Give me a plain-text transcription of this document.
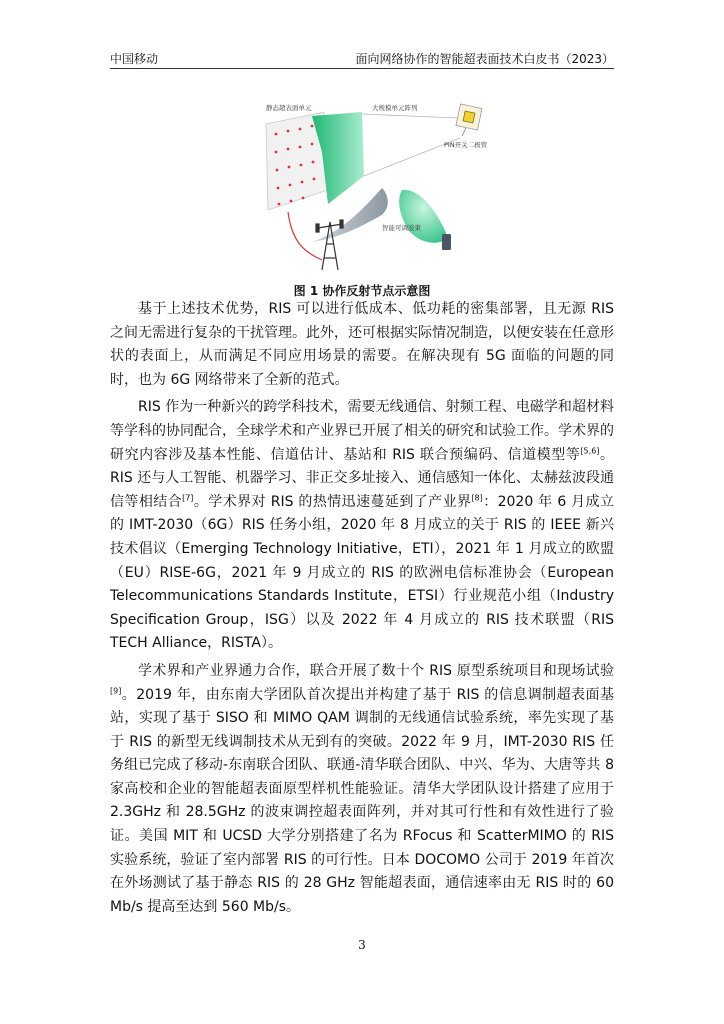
中国移动	面向网络协作的智能超表面技术白皮书（2023）
静态超表面单元	大规模单元阵列
PIN开关二极管
智能可调波束
图 1 协作反射节点示意图

基于上述技术优势，RIS 可以进行低成本、低功耗的密集部署，且无源 RIS 之间无需进行复杂的干扰管理。此外，还可根据实际情况制造，以便安装在任意形状的表面上，从而满足不同应用场景的需要。在解决现有 5G 面临的问题的同时，也为 6G 网络带来了全新的范式。

RIS 作为一种新兴的跨学科技术，需要无线通信、射频工程、电磁学和超材料等学科的协同配合，全球学术和产业界已开展了相关的研究和试验工作。学术界的研究内容涉及基本性能、信道估计、基站和 RIS 联合预编码、信道模型等[5,6]。RIS 还与人工智能、机器学习、非正交多址接入、通信感知一体化、太赫兹波段通信等相结合[7]。学术界对 RIS 的热情迅速蔓延到了产业界[8]：2020 年 6 月成立的 IMT-2030（6G）RIS 任务小组，2020 年 8 月成立的关于 RIS 的 IEEE 新兴技术倡议（Emerging Technology Initiative，ETI），2021 年 1 月成立的欧盟（EU）RISE-6G，2021 年 9 月成立的 RIS 的欧洲电信标准协会（European Telecommunications Standards Institute，ETSI）行业规范小组（Industry Specification Group，ISG）以及 2022 年 4 月成立的 RIS 技术联盟（RIS TECH Alliance，RISTA）。

学术界和产业界通力合作，联合开展了数十个 RIS 原型系统项目和现场试验[9]。2019 年，由东南大学团队首次提出并构建了基于 RIS 的信息调制超表面基站，实现了基于 SISO 和 MIMO QAM 调制的无线通信试验系统，率先实现了基于 RIS 的新型无线调制技术从无到有的突破。2022 年 9 月，IMT-2030 RIS 任务组已完成了移动-东南联合团队、联通-清华联合团队、中兴、华为、大唐等共 8 家高校和企业的智能超表面原型样机性能验证。清华大学团队设计搭建了应用于 2.3GHz 和 28.5GHz 的波束调控超表面阵列，并对其可行性和有效性进行了验证。美国 MIT 和 UCSD 大学分别搭建了名为 RFocus 和 ScatterMIMO 的 RIS 实验系统，验证了室内部署 RIS 的可行性。日本 DOCOMO 公司于 2019 年首次在外场测试了基于静态 RIS 的 28 GHz 智能超表面，通信速率由无 RIS 时的 60 Mb/s 提高至达到 560 Mb/s。

3
